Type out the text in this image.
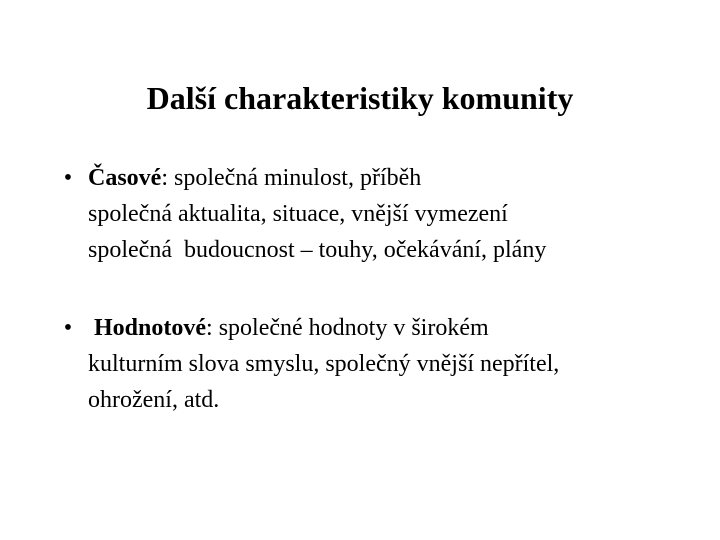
Další charakteristiky komunity
• Časové: společná minulost, příběh
společná aktualita, situace, vnější vymezení
společná  budoucnost – touhy, očekávání, plány
• Hodnotové: společné hodnoty v širokém
kulturním slova smyslu, společný vnější nepřítel,
ohrožení, atd.
